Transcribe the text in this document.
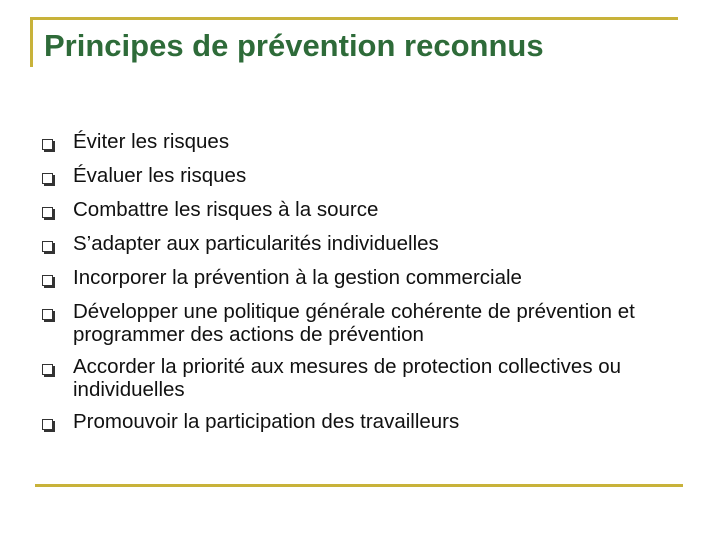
Principes de prévention reconnus
Éviter les risques
Évaluer les risques
Combattre les risques à la source
S’adapter aux particularités individuelles
Incorporer la prévention à la gestion commerciale
Développer une politique générale cohérente de prévention et programmer des actions de prévention
Accorder la priorité aux mesures de protection collectives ou individuelles
Promouvoir la participation des travailleurs
